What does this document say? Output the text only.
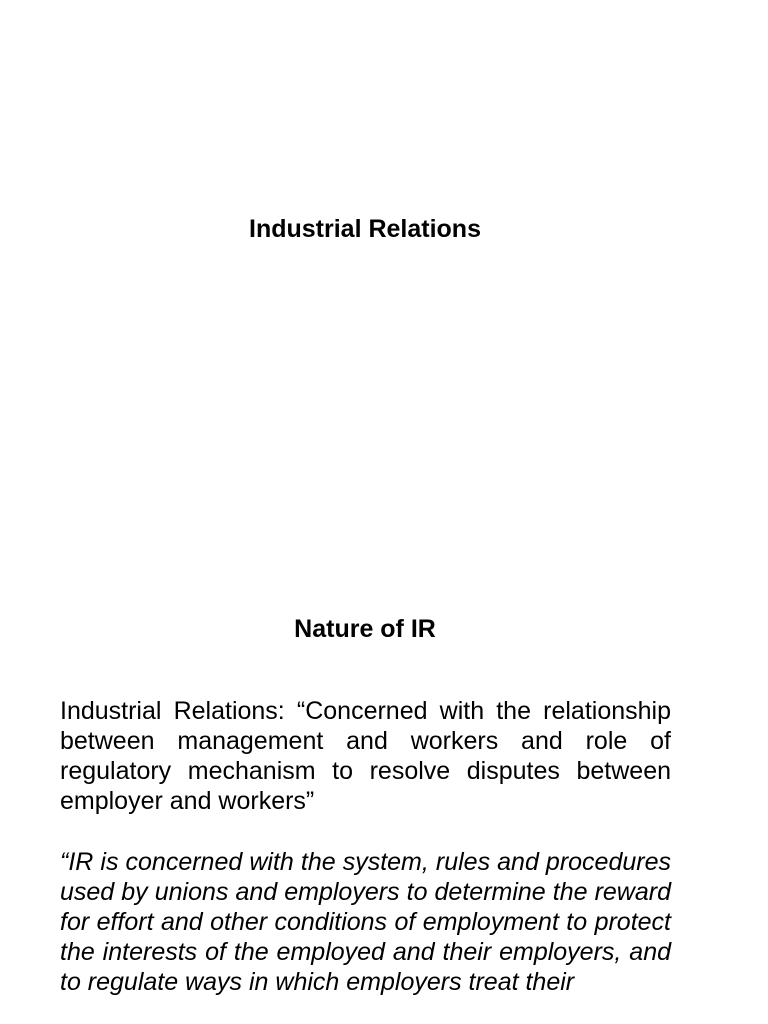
Industrial Relations
Nature of IR

Industrial Relations: “Concerned with the relationship between management and workers and role of regulatory mechanism to resolve disputes between employer and workers”

“IR is concerned with the system, rules and procedures used by unions and employers to determine the reward for effort and other conditions of employment to protect the interests of the employed and their employers, and to regulate ways in which employers treat their
